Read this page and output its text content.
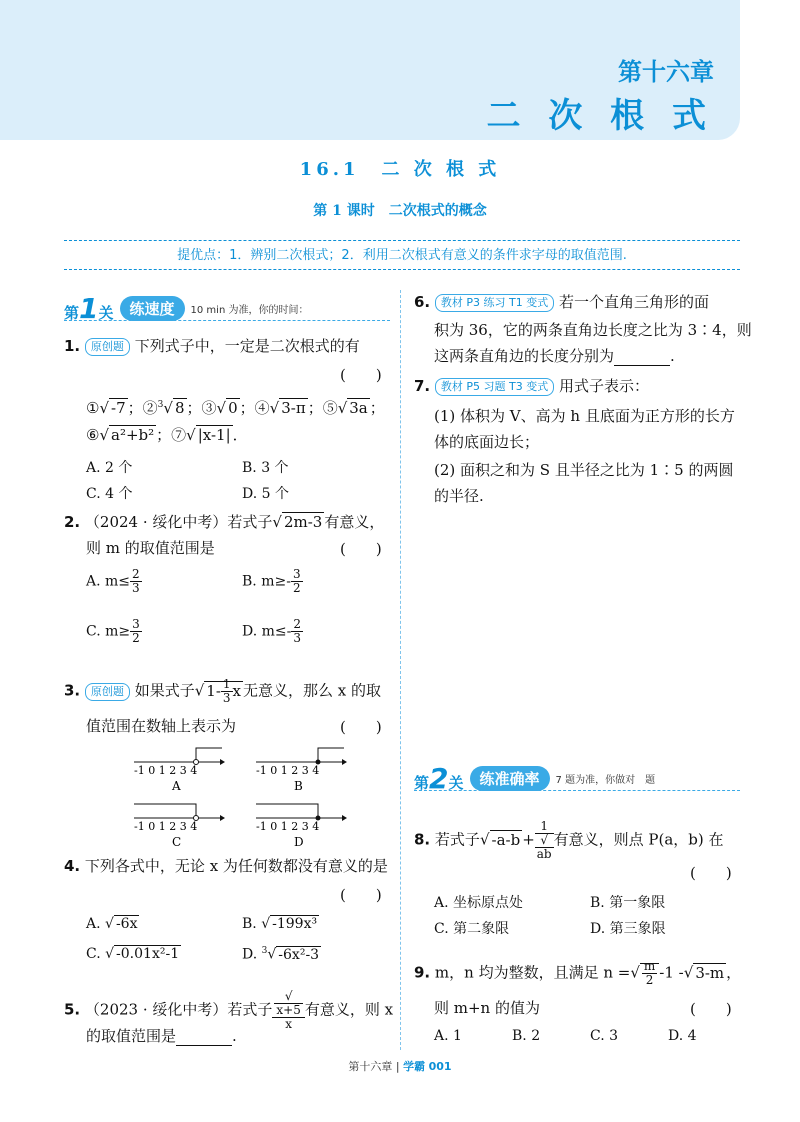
第十六章
二 次 根 式
16.1　二 次 根 式
第 1 课时　二次根式的概念
提优点：1．辨别二次根式；2．利用二次根式有意义的条件求字母的取值范围.
第1关	练速度	10 min 为准，你的时间：
1. 原创题 下列式子中，一定是二次根式的有
(　　)
①√ -7 ；②$^3$√ 8 ；③√ 0 ；④√ 3-π ；⑤√ 3a ；
⑥√ a²+b² ；⑦√ |x-1| ．
A. 2 个	B. 3 个
C. 4 个	D. 5 个
2. （2024 · 绥化中考）若式子√ 2m-3 有意义，
则 m 的取值范围是	(　　)
A. $m\le \frac{2}{3}$	B. $m\ge- \frac{3}{2}$
C. $m\ge \frac{3}{2}$	D. $m\le- \frac{2}{3}$
3. 原创题 如果式子√ $1- \frac{1}{3}$ x 无意义，那么 x 的取
值范围在数轴上表示为	(　　)
-1 0 1 2 3 4
A
-1 0 1 2 3 4
B
-1 0 1 2 3 4
C
-1 0 1 2 3 4
D
4. 下列各式中，无论 x 为任何数都没有意义的是
(　　)
A. √ -6x	B. √ -199x³
C. √ -0.01x²-1	D. $^3$√ -6x²-3
5. （2023 · 绥化中考）若式子 √
x+5
x 有意义，则 x
的取值范围是	.
6. 教材 P3 练习 T1 变式 若一个直角三角形的面
积为 36，它的两条直角边长度之比为 3∶4，则
这两条直角边的长度分别为	.
7. 教材 P5 习题 T3 变式 用式子表示：
(1) 体积为 V、高为 h 且底面为正方形的长方
体的底面边长；
(2) 面积之和为 S 且半径之比为 1∶5 的两圆
的半径.
第2关	练准确率	7 题为准，你做对　题
8. 若式子√ -a-b + 1
√
ab 有意义，则点 P(a，b) 在
(　　)
A. 坐标原点处	B. 第一象限
C. 第二象限	D. 第三象限
9. m，n 均为整数，且满足 n =√ $\frac{m}{2} -1$ -√ 3-m ，
则 m+n 的值为	(　　)
A. 1	B. 2	C. 3	D. 4
第十六章 | 学霸 001
